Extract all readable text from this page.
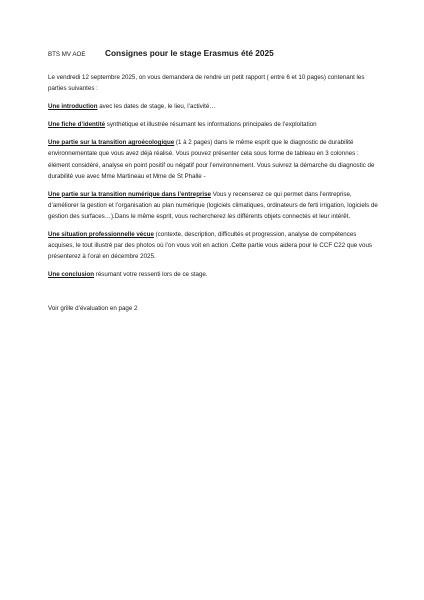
BTS MV AOE	Consignes pour le stage Erasmus été 2025

Le vendredi 12 septembre 2025, on vous demandera de rendre un petit rapport ( entre 6 et 10 pages) contenant les parties suivantes :

Une introduction avec les dates de stage, le lieu, l’activité…

Une fiche d’identité synthétique et illustrée résumant les informations principales de l’exploitation

Une partie sur la transition agroécologique (1 à 2 pages) dans le même esprit que le diagnostic de durabilité environnementale que vous avez déjà réalisé. Vous pouvez présenter cela sous forme de tableau en 3 colonnes : élément considéré, analyse en point positif ou négatif pour l’environnement. Vous suivrez la démarche du diagnostic de durabilité vue avec Mme Martineau et Mme de St Phalle -

Une partie sur la transition numérique dans l’entreprise Vous y recenserez ce qui permet dans l’entreprise, d’améliorer la gestion et l’organisation au plan numérique (logiciels climatiques, ordinateurs de ferti irrigation, logiciels de gestion des surfaces…).Dans le même esprit, vous rechercherez les différents objets connectés et leur intérêt.

Une situation professionnelle vécue (contexte, description, difficultés et progression, analyse de compétences acquises, le tout illustré par des photos où l’on vous voit en action .Cette partie vous aidera pour le CCF C22 que vous présenterez à l’oral en décembre 2025.

Une conclusion résumant votre ressenti lors de ce stage.

Voir grille d’évaluation en page 2
